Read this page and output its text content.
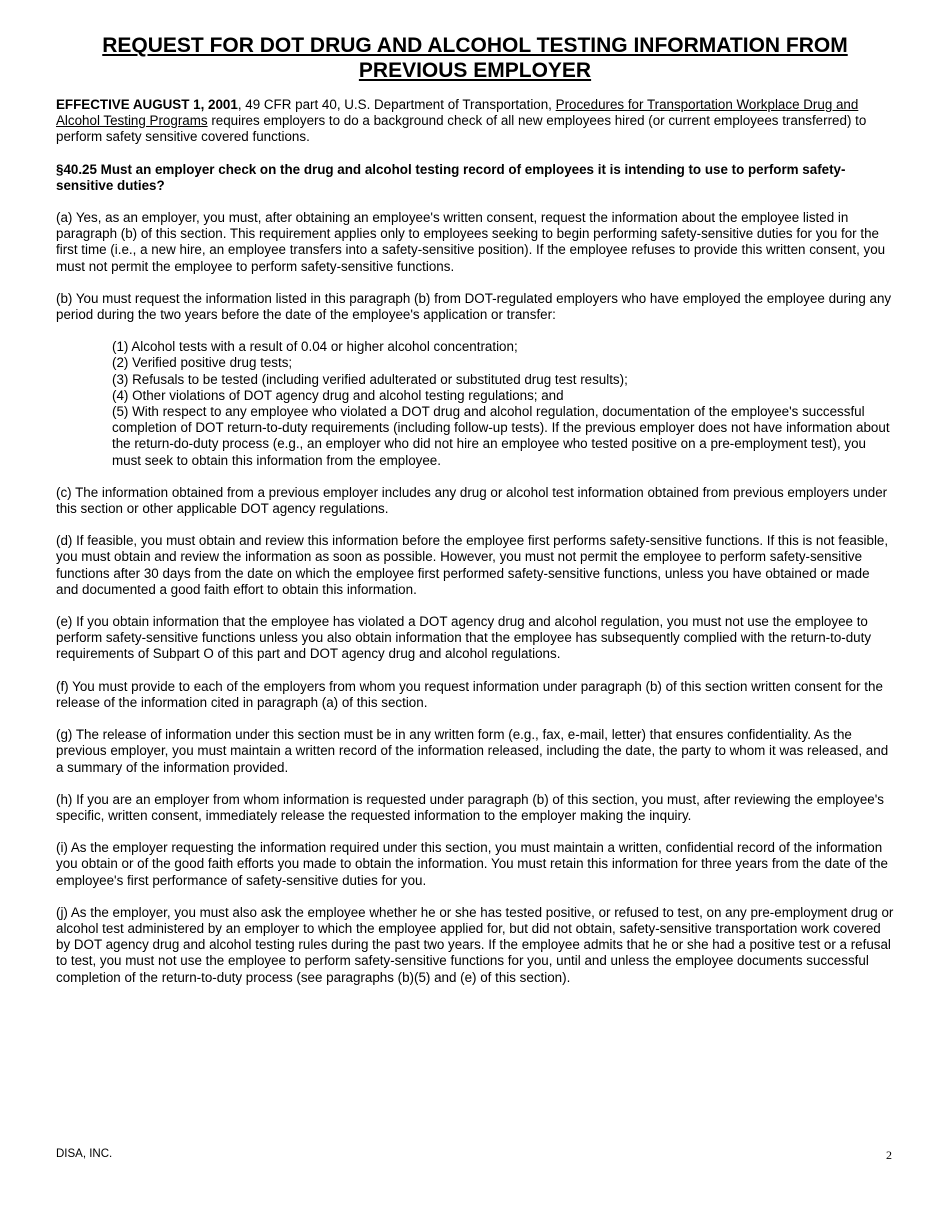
REQUEST FOR DOT DRUG AND ALCOHOL TESTING INFORMATION FROM PREVIOUS EMPLOYER

EFFECTIVE AUGUST 1, 2001, 49 CFR part 40, U.S. Department of Transportation, Procedures for Transportation Workplace Drug and Alcohol Testing Programs requires employers to do a background check of all new employees hired (or current employees transferred) to perform safety sensitive covered functions.

§40.25 Must an employer check on the drug and alcohol testing record of employees it is intending to use to perform safety-sensitive duties?

(a) Yes, as an employer, you must, after obtaining an employee's written consent, request the information about the employee listed in paragraph (b) of this section. This requirement applies only to employees seeking to begin performing safety-sensitive duties for you for the first time (i.e., a new hire, an employee transfers into a safety-sensitive position). If the employee refuses to provide this written consent, you must not permit the employee to perform safety-sensitive functions.

(b) You must request the information listed in this paragraph (b) from DOT-regulated employers who have employed the employee during any period during the two years before the date of the employee's application or transfer:

(1) Alcohol tests with a result of 0.04 or higher alcohol concentration;
(2) Verified positive drug tests;
(3) Refusals to be tested (including verified adulterated or substituted drug test results);
(4) Other violations of DOT agency drug and alcohol testing regulations; and
(5) With respect to any employee who violated a DOT drug and alcohol regulation, documentation of the employee's successful completion of DOT return-to-duty requirements (including follow-up tests). If the previous employer does not have information about the return-do-duty process (e.g., an employer who did not hire an employee who tested positive on a pre-employment test), you must seek to obtain this information from the employee.

(c) The information obtained from a previous employer includes any drug or alcohol test information obtained from previous employers under this section or other applicable DOT agency regulations.

(d) If feasible, you must obtain and review this information before the employee first performs safety-sensitive functions. If this is not feasible, you must obtain and review the information as soon as possible. However, you must not permit the employee to perform safety-sensitive functions after 30 days from the date on which the employee first performed safety-sensitive functions, unless you have obtained or made and documented a good faith effort to obtain this information.

(e) If you obtain information that the employee has violated a DOT agency drug and alcohol regulation, you must not use the employee to perform safety-sensitive functions unless you also obtain information that the employee has subsequently complied with the return-to-duty requirements of Subpart O of this part and DOT agency drug and alcohol regulations.

(f) You must provide to each of the employers from whom you request information under paragraph (b) of this section written consent for the release of the information cited in paragraph (a) of this section.

(g) The release of information under this section must be in any written form (e.g., fax, e-mail, letter) that ensures confidentiality. As the previous employer, you must maintain a written record of the information released, including the date, the party to whom it was released, and a summary of the information provided.

(h) If you are an employer from whom information is requested under paragraph (b) of this section, you must, after reviewing the employee's specific, written consent, immediately release the requested information to the employer making the inquiry.

(i) As the employer requesting the information required under this section, you must maintain a written, confidential record of the information you obtain or of the good faith efforts you made to obtain the information. You must retain this information for three years from the date of the employee's first performance of safety-sensitive duties for you.

(j) As the employer, you must also ask the employee whether he or she has tested positive, or refused to test, on any pre-employment drug or alcohol test administered by an employer to which the employee applied for, but did not obtain, safety-sensitive transportation work covered by DOT agency drug and alcohol testing rules during the past two years. If the employee admits that he or she had a positive test or a refusal to test, you must not use the employee to perform safety-sensitive functions for you, until and unless the employee documents successful completion of the return-to-duty process (see paragraphs (b)(5) and (e) of this section).

DISA, INC.	2
